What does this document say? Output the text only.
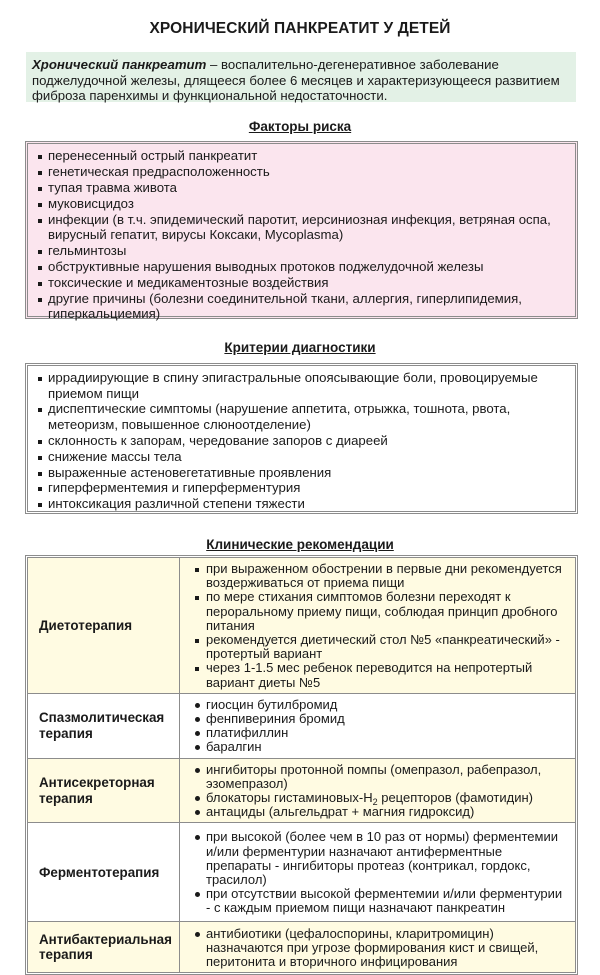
ХРОНИЧЕСКИЙ ПАНКРЕАТИТ У ДЕТЕЙ
Хронический панкреатит – воспалительно-дегенеративное заболевание поджелудочной железы, длящееся более 6 месяцев и характеризующееся развитием фиброза паренхимы и функциональной недостаточности.
Факторы риска
перенесенный острый панкреатит
генетическая предрасположенность
тупая травма живота
муковисцидоз
инфекции (в т.ч. эпидемический паротит, иерсиниозная инфекция, ветряная оспа, вирусный гепатит, вирусы Коксаки, Mycoplasma)
гельминтозы
обструктивные нарушения выводных протоков поджелудочной железы
токсические и медикаментозные воздействия
другие причины (болезни соединительной ткани, аллергия, гиперлипидемия, гиперкальциемия)
Критерии диагностики
иррадиирующие в спину эпигастральные опоясывающие боли, провоцируемые приемом пищи
диспептические симптомы (нарушение аппетита, отрыжка, тошнота, рвота, метеоризм, повышенное слюноотделение)
склонность к запорам, чередование запоров с диареей
снижение массы тела
выраженные астеновегетативные проявления
гиперферментемия и гиперферментурия
интоксикация различной степени тяжести
Клинические рекомендации
Диетотерапия	
при выраженном обострении в первые дни рекомендуется воздерживаться от приема пищи
по мере стихания симптомов болезни переходят к пероральному приему пищи, соблюдая принцип дробного питания
рекомендуется диетический стол №5 «панкреатический» - протертый вариант
через 1-1.5 мес ребенок переводится на непротертый вариант диеты №5

Спазмолитическая терапия	
гиосцин бутилбромид
фенпивериния бромид
платифиллин
баралгин

Антисекреторная терапия	
ингибиторы протонной помпы (омепразол, рабепразол, эзомепразол)
блокаторы гистаминовых-$H_2$ рецепторов (фамотидин)
антациды (альгельдрат + магния гидроксид)

Ферментотерапия	
при высокой (более чем в 10 раз от нормы) ферментемии и/или ферментурии назначают антиферментные препараты - ингибиторы протеаз (контрикал, гордокс, трасилол)
при отсутствии высокой ферментемии и/или ферментурии - с каждым приемом пищи назначают панкреатин

Антибактериальная терапия	
антибиотики (цефалоспорины, кларитромицин) назначаются при угрозе формирования кист и свищей, перитонита и вторичного инфицирования
